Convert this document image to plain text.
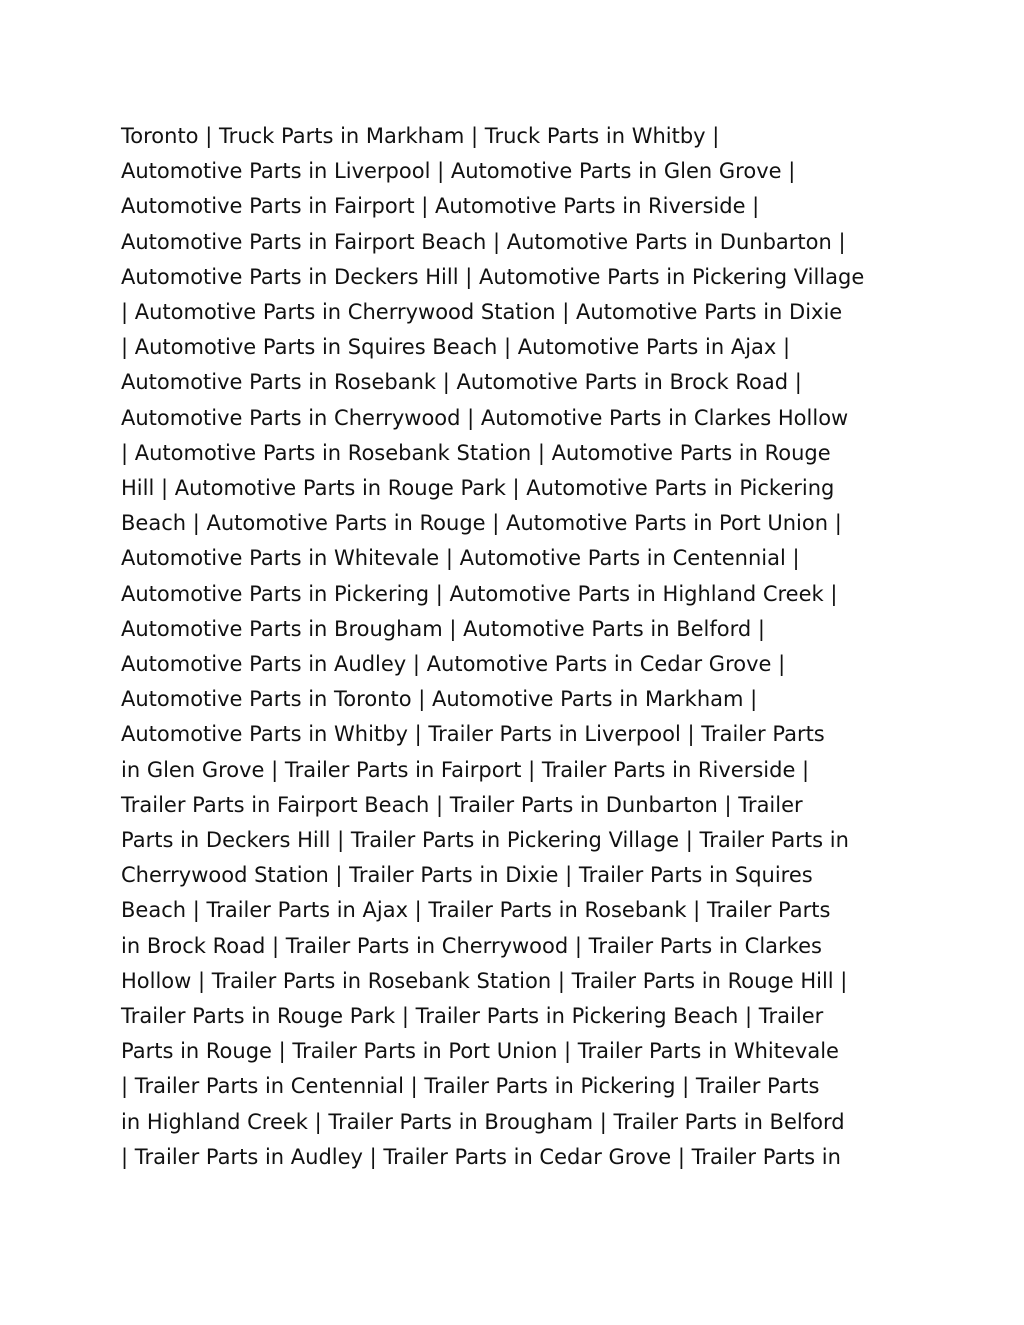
Toronto | Truck Parts in Markham | Truck Parts in Whitby |
Automotive Parts in Liverpool | Automotive Parts in Glen Grove |
Automotive Parts in Fairport | Automotive Parts in Riverside |
Automotive Parts in Fairport Beach | Automotive Parts in Dunbarton |
Automotive Parts in Deckers Hill | Automotive Parts in Pickering Village
| Automotive Parts in Cherrywood Station | Automotive Parts in Dixie
| Automotive Parts in Squires Beach | Automotive Parts in Ajax |
Automotive Parts in Rosebank | Automotive Parts in Brock Road |
Automotive Parts in Cherrywood | Automotive Parts in Clarkes Hollow
| Automotive Parts in Rosebank Station | Automotive Parts in Rouge
Hill | Automotive Parts in Rouge Park | Automotive Parts in Pickering
Beach | Automotive Parts in Rouge | Automotive Parts in Port Union |
Automotive Parts in Whitevale | Automotive Parts in Centennial |
Automotive Parts in Pickering | Automotive Parts in Highland Creek |
Automotive Parts in Brougham | Automotive Parts in Belford |
Automotive Parts in Audley | Automotive Parts in Cedar Grove |
Automotive Parts in Toronto | Automotive Parts in Markham |
Automotive Parts in Whitby | Trailer Parts in Liverpool | Trailer Parts
in Glen Grove | Trailer Parts in Fairport | Trailer Parts in Riverside |
Trailer Parts in Fairport Beach | Trailer Parts in Dunbarton | Trailer
Parts in Deckers Hill | Trailer Parts in Pickering Village | Trailer Parts in
Cherrywood Station | Trailer Parts in Dixie | Trailer Parts in Squires
Beach | Trailer Parts in Ajax | Trailer Parts in Rosebank | Trailer Parts
in Brock Road | Trailer Parts in Cherrywood | Trailer Parts in Clarkes
Hollow | Trailer Parts in Rosebank Station | Trailer Parts in Rouge Hill |
Trailer Parts in Rouge Park | Trailer Parts in Pickering Beach | Trailer
Parts in Rouge | Trailer Parts in Port Union | Trailer Parts in Whitevale
| Trailer Parts in Centennial | Trailer Parts in Pickering | Trailer Parts
in Highland Creek | Trailer Parts in Brougham | Trailer Parts in Belford
| Trailer Parts in Audley | Trailer Parts in Cedar Grove | Trailer Parts in
